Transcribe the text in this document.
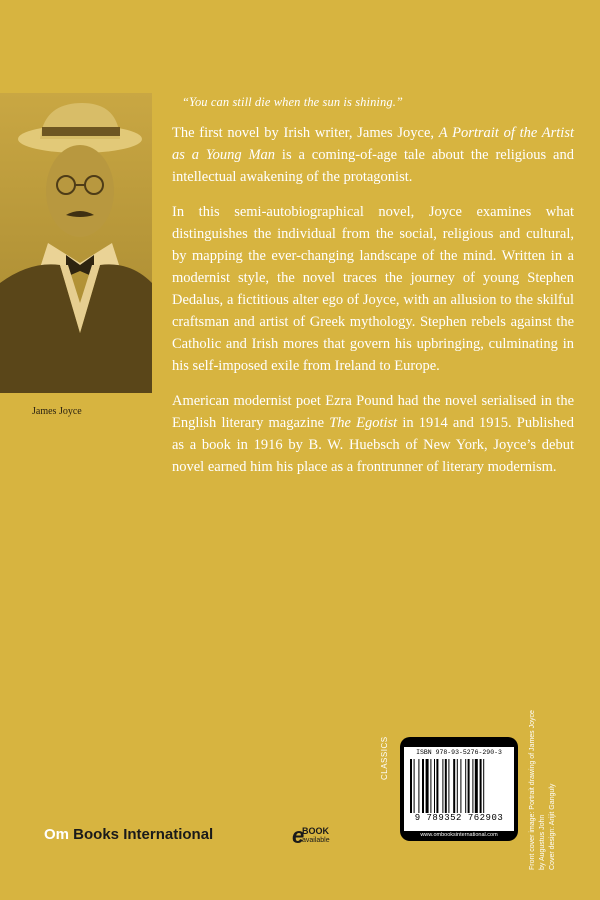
James Joyce

“You can still die when the sun is shining.”

The first novel by Irish writer, James Joyce, A Portrait of the Artist as a Young Man is a coming-of-age tale about the religious and intellectual awakening of the protagonist.

In this semi-autobiographical novel, Joyce examines what distinguishes the individual from the social, religious and cultural, by mapping the ever-changing landscape of the mind. Written in a modernist style, the novel traces the journey of young Stephen Dedalus, a fictitious alter ego of Joyce, with an allusion to the skilful craftsman and artist of Greek mythology. Stephen rebels against the Catholic and Irish mores that govern his upbringing, culminating in his self-imposed exile from Ireland to Europe.

American modernist poet Ezra Pound had the novel serialised in the English literary magazine The Egotist in 1914 and 1915. Published as a book in 1916 by B. W. Huebsch of New York, Joyce’s debut novel earned him his place as a frontrunner of literary modernism.

Om Books International	e
BOOK
available
CLASSICS	ISBN 978-93-5276-290-3
9 789352 762903
www.ombooksinternational.com	Front cover image: Portrait drawing of James Joyce by Augustus John Cover design: Arijit Ganguly
